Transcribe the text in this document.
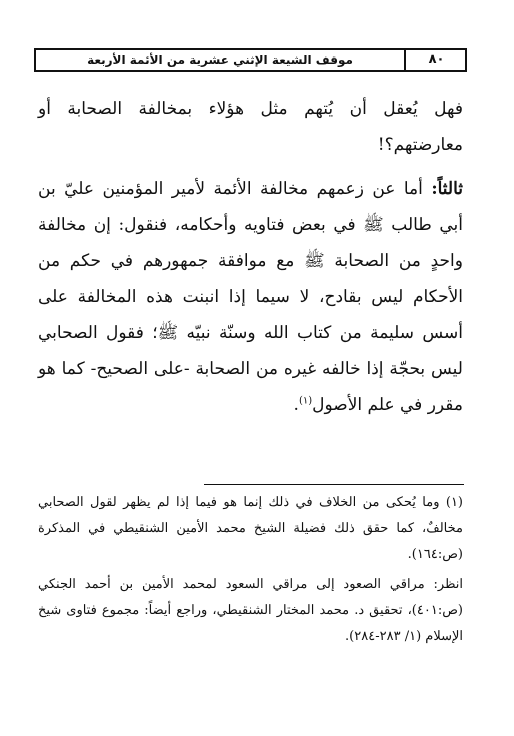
موقف الشيعة الإثني عشرية من الأئمة الأربعة	٨٠

فهل يُعقل أن يُتهم مثل هؤلاء بمخالفة الصحابة أو معارضتهم؟!

ثالثاً: أما عن زعمهم مخالفة الأئمة لأمير المؤمنين عليّ بن أبي طالب ﷺ في بعض فتاويه وأحكامه، فنقول: إن مخالفة واحدٍ من الصحابة ﷺ مع موافقة جمهورهم في حكم من الأحكام ليس بقادح، لا سيما إذا انبنت هذه المخالفة على أسس سليمة من كتاب الله وسنّة نبيّه ﷺ؛ فقول الصحابي ليس بحجّة إذا خالفه غيره من الصحابة -على الصحيح- كما هو مقرر في علم الأصول$^{(١)}$.

(١) وما يُحكى من الخلاف في ذلك إنما هو فيما إذا لم يظهر لقول الصحابي مخالفٌ، كما حقق ذلك فضيلة الشيخ محمد الأمين الشنقيطي في المذكرة (ص:١٦٤).

انظر: مراقي الصعود إلى مراقي السعود لمحمد الأمين بن أحمد الجنكي (ص:٤٠١)، تحقيق د. محمد المختار الشنقيطي، وراجع أيضاً: مجموع فتاوى شيخ الإسلام (١/ ٢٨٣-٢٨٤).
